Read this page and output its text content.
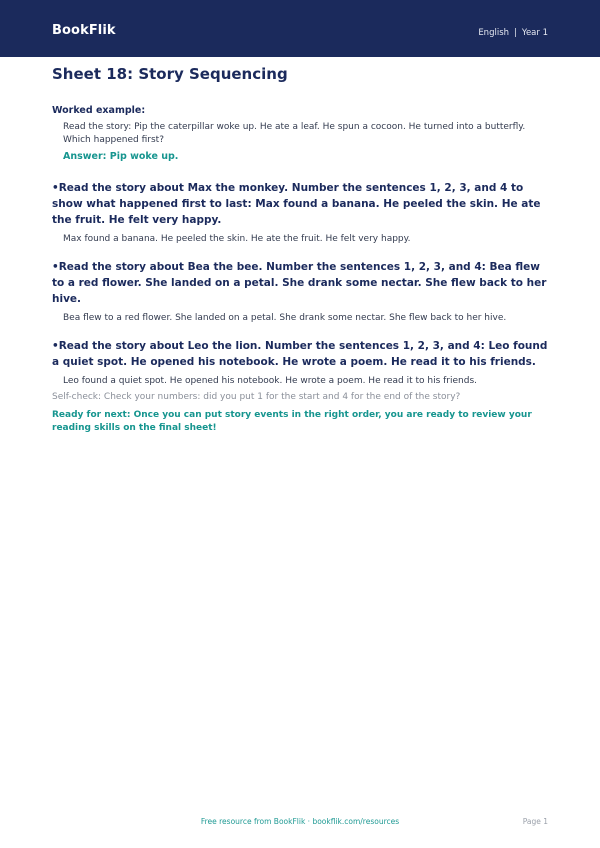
BookFlik	English | Year 1
Sheet 18: Story Sequencing
Worked example:
Read the story: Pip the caterpillar woke up. He ate a leaf. He spun a cocoon. He turned into a butterfly. Which happened first?
Answer: Pip woke up.
•Read the story about Max the monkey. Number the sentences 1, 2, 3, and 4 to show what happened first to last: Max found a banana. He peeled the skin. He ate the fruit. He felt very happy.
Max found a banana. He peeled the skin. He ate the fruit. He felt very happy.
•Read the story about Bea the bee. Number the sentences 1, 2, 3, and 4: Bea flew to a red flower. She landed on a petal. She drank some nectar. She flew back to her hive.
Bea flew to a red flower. She landed on a petal. She drank some nectar. She flew back to her hive.
•Read the story about Leo the lion. Number the sentences 1, 2, 3, and 4: Leo found a quiet spot. He opened his notebook. He wrote a poem. He read it to his friends.
Leo found a quiet spot. He opened his notebook. He wrote a poem. He read it to his friends.
Self-check: Check your numbers: did you put 1 for the start and 4 for the end of the story?
Ready for next: Once you can put story events in the right order, you are ready to review your reading skills on the final sheet!
Free resource from BookFlik · bookflik.com/resources	Page 1
